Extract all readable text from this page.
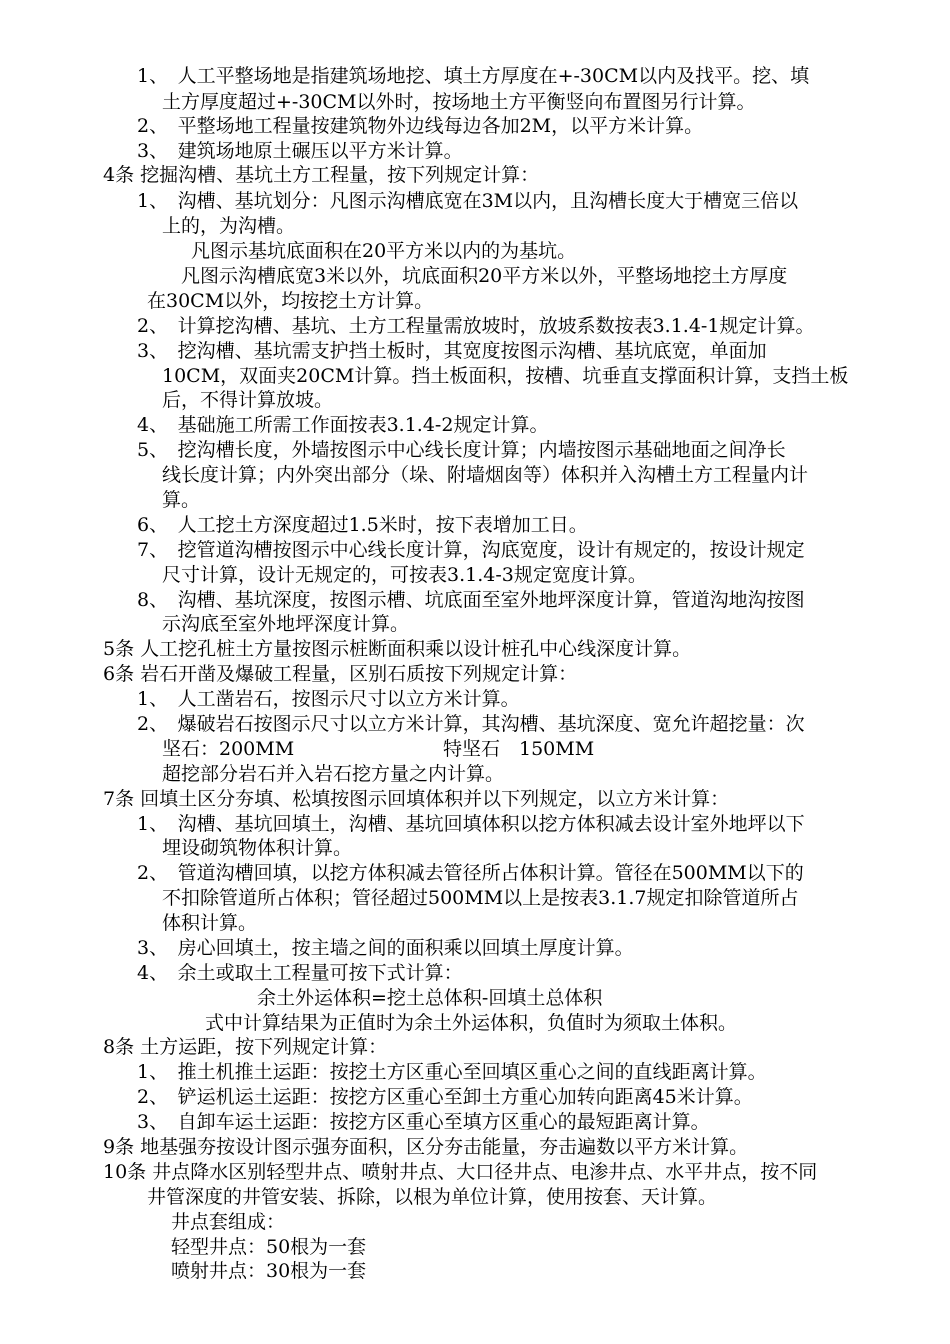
1、　人工平整场地是指建筑场地挖、填土方厚度在+-30CM以内及找平。挖、填
土方厚度超过+-30CM以外时，按场地土方平衡竖向布置图另行计算。
2、　平整场地工程量按建筑物外边线每边各加2M，以平方米计算。
3、　建筑场地原土碾压以平方米计算。
4条 挖掘沟槽、基坑土方工程量，按下列规定计算：
1、　沟槽、基坑划分：凡图示沟槽底宽在3M以内，且沟槽长度大于槽宽三倍以
上的，为沟槽。
凡图示基坑底面积在20平方米以内的为基坑。
凡图示沟槽底宽3米以外，坑底面积20平方米以外，平整场地挖土方厚度
在30CM以外，均按挖土方计算。
2、　计算挖沟槽、基坑、土方工程量需放坡时，放坡系数按表3.1.4-1规定计算。
3、　挖沟槽、基坑需支护挡土板时，其宽度按图示沟槽、基坑底宽，单面加
10CM，双面夹20CM计算。挡土板面积，按槽、坑垂直支撑面积计算，支挡土板
后，不得计算放坡。
4、　基础施工所需工作面按表3.1.4-2规定计算。
5、　挖沟槽长度，外墙按图示中心线长度计算；内墙按图示基础地面之间净长
线长度计算；内外突出部分（垛、附墙烟囱等）体积并入沟槽土方工程量内计
算。
6、　人工挖土方深度超过1.5米时，按下表增加工日。
7、　挖管道沟槽按图示中心线长度计算，沟底宽度，设计有规定的，按设计规定
尺寸计算，设计无规定的，可按表3.1.4-3规定宽度计算。
8、　沟槽、基坑深度，按图示槽、坑底面至室外地坪深度计算，管道沟地沟按图
示沟底至室外地坪深度计算。
5条 人工挖孔桩土方量按图示桩断面积乘以设计桩孔中心线深度计算。
6条 岩石开凿及爆破工程量，区别石质按下列规定计算：
1、　人工凿岩石，按图示尺寸以立方米计算。
2、　爆破岩石按图示尺寸以立方米计算，其沟槽、基坑深度、宽允许超挖量：次
坚石：200MM	特坚石　150MM
超挖部分岩石并入岩石挖方量之内计算。
7条 回填土区分夯填、松填按图示回填体积并以下列规定，以立方米计算：
1、　沟槽、基坑回填土，沟槽、基坑回填体积以挖方体积减去设计室外地坪以下
埋设砌筑物体积计算。
2、　管道沟槽回填，以挖方体积减去管径所占体积计算。管径在500MM以下的
不扣除管道所占体积；管径超过500MM以上是按表3.1.7规定扣除管道所占
体积计算。
3、　房心回填土，按主墙之间的面积乘以回填土厚度计算。
4、　余土或取土工程量可按下式计算：
余土外运体积=挖土总体积-回填土总体积
式中计算结果为正值时为余土外运体积，负值时为须取土体积。
8条 土方运距，按下列规定计算：
1、　推土机推土运距：按挖土方区重心至回填区重心之间的直线距离计算。
2、　铲运机运土运距：按挖方区重心至卸土方重心加转向距离45米计算。
3、　自卸车运土运距：按挖方区重心至填方区重心的最短距离计算。
9条 地基强夯按设计图示强夯面积，区分夯击能量，夯击遍数以平方米计算。
10条 井点降水区别轻型井点、喷射井点、大口径井点、电渗井点、水平井点，按不同
井管深度的井管安装、拆除，以根为单位计算，使用按套、天计算。
井点套组成：
轻型井点：50根为一套
喷射井点：30根为一套
